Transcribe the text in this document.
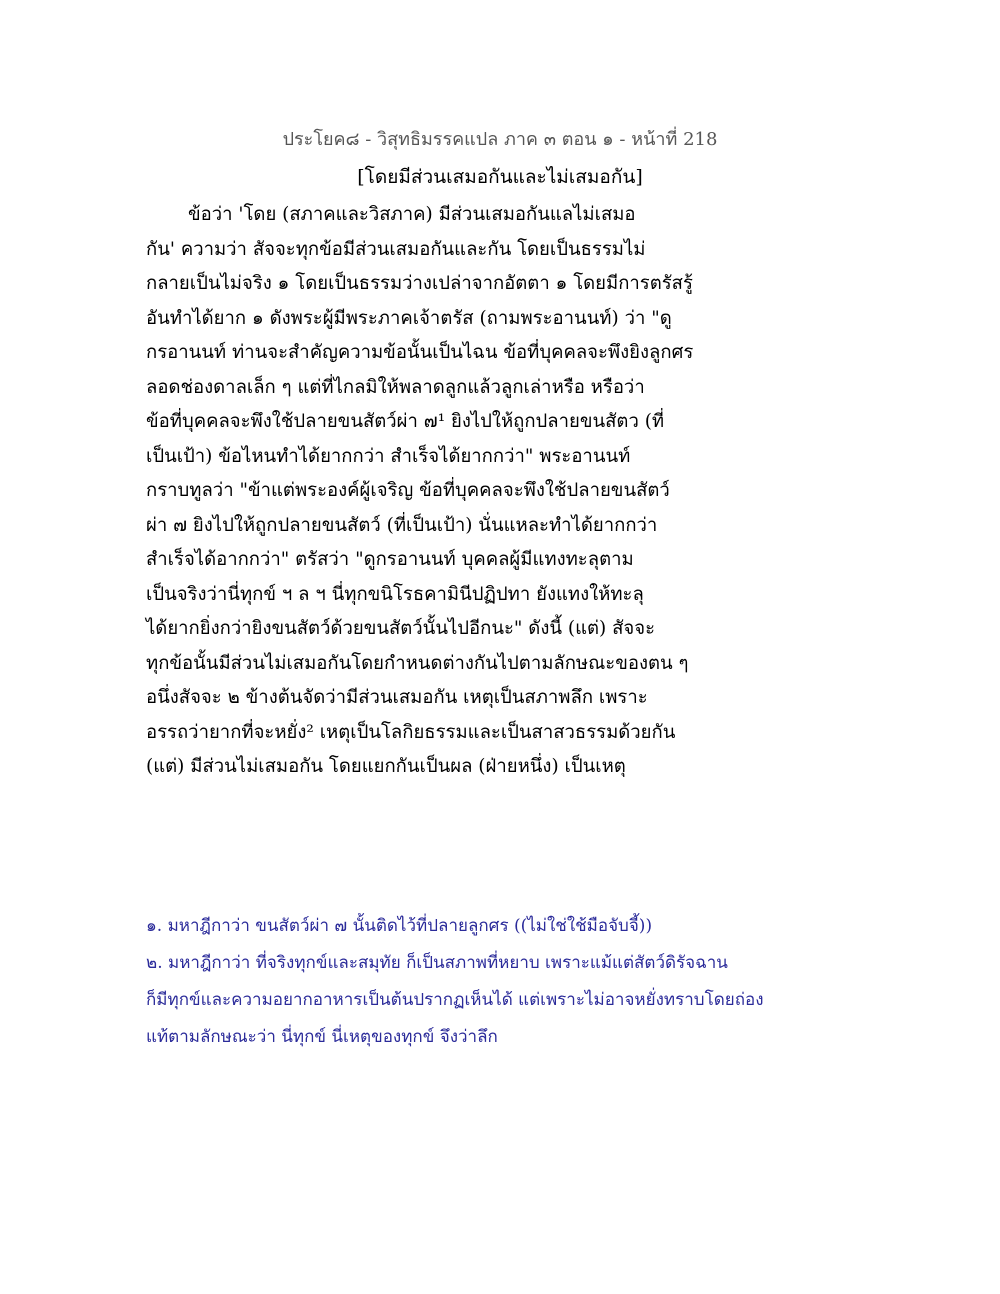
ประโยค๘ - วิสุทธิมรรคแปล ภาค ๓ ตอน ๑ - หน้าที่ 218
[โดยมีส่วนเสมอกันและไม่เสมอกัน]
ข้อว่า 'โดย (สภาคและวิสภาค) มีส่วนเสมอกันแลไม่เสมอ
กัน' ความว่า สัจจะทุกข้อมีส่วนเสมอกันและกัน โดยเป็นธรรมไม่
กลายเป็นไม่จริง ๑ โดยเป็นธรรมว่างเปล่าจากอัตตา ๑ โดยมีการตรัสรู้
อันทำได้ยาก ๑ ดังพระผู้มีพระภาคเจ้าตรัส (ถามพระอานนท์) ว่า "ดู
กรอานนท์ ท่านจะสำคัญความข้อนั้นเป็นไฉน ข้อที่บุคคลจะพึงยิงลูกศร
ลอดช่องดาลเล็ก ๆ แต่ที่ไกลมิให้พลาดลูกแล้วลูกเล่าหรือ หรือว่า
ข้อที่บุคคลจะพึงใช้ปลายขนสัตว์ผ่า ๗¹ ยิงไปให้ถูกปลายขนสัตว (ที่
เป็นเป้า) ข้อไหนทำได้ยากกว่า สำเร็จได้ยากกว่า" พระอานนท์
กราบทูลว่า "ข้าแต่พระองค์ผู้เจริญ ข้อที่บุคคลจะพึงใช้ปลายขนสัตว์
ผ่า ๗ ยิงไปให้ถูกปลายขนสัตว์ (ที่เป็นเป้า) นั่นแหละทำได้ยากกว่า
สำเร็จได้อากกว่า" ตรัสว่า "ดูกรอานนท์ บุคคลผู้มีแทงทะลุตาม
เป็นจริงว่านี่ทุกข์ ฯ ล ฯ นี่ทุกขนิโรธคามินีปฏิปทา ยังแทงให้ทะลุ
ได้ยากยิ่งกว่ายิงขนสัตว์ด้วยขนสัตว์นั้นไปอีกนะ" ดังนี้ (แต่) สัจจะ
ทุกข้อนั้นมีส่วนไม่เสมอกันโดยกำหนดต่างกันไปตามลักษณะของตน ๆ
อนึ่งสัจจะ ๒ ข้างต้นจัดว่ามีส่วนเสมอกัน เหตุเป็นสภาพลึก เพราะ
อรรถว่ายากที่จะหยั่ง² เหตุเป็นโลกิยธรรมและเป็นสาสวธรรมด้วยกัน
(แต่) มีส่วนไม่เสมอกัน โดยแยกกันเป็นผล (ฝ่ายหนึ่ง) เป็นเหตุ
๑. มหาฎีกาว่า ขนสัตว์ผ่า ๗ นั้นติดไว้ที่ปลายลูกศร ((ไม่ใช่ใช้มือจับจี้))
๒. มหาฎีกาว่า ที่จริงทุกข์และสมุทัย ก็เป็นสภาพที่หยาบ เพราะแม้แต่สัตว์ดิรัจฉาน
ก็มีทุกข์และความอยากอาหารเป็นต้นปรากฏเห็นได้ แต่เพราะไม่อาจหยั่งทราบโดยถ่อง
แท้ตามลักษณะว่า นี่ทุกข์ นี่เหตุของทุกข์ จึงว่าลึก
